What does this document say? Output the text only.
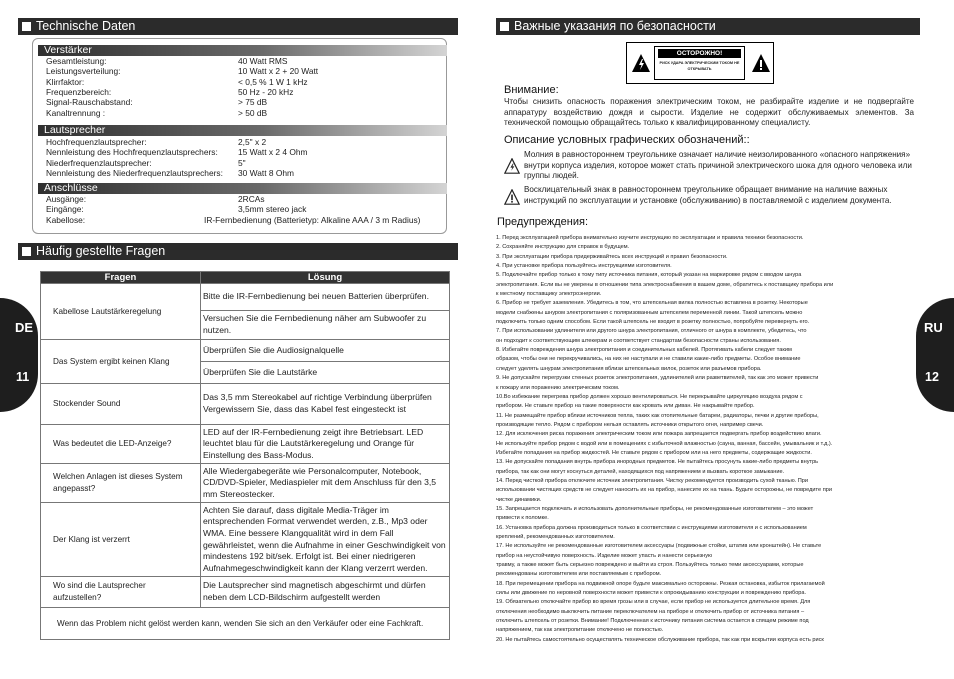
Technische Daten
Verstärker
Gesamtleistung:	40 Watt RMS
Leistungsverteilung:	10 Watt x 2 + 20 Watt
Klirrfaktor:	< 0,5 % 1 W 1 kHz
Frequenzbereich:	50 Hz - 20 kHz
Signal-Rauschabstand:	> 75 dB
Kanaltrennung :	> 50 dB
Lautsprecher
Hochfrequenzlautsprecher:	2,5" x 2
Nennleistung des Hochfrequenzlautsprechers: 15 Watt x 2 4 Ohm
Niederfrequenzlautsprecher:	5"
Nennleistung des Niederfrequenzlautsprechers: 30 Watt 8 Ohm
Anschlüsse
Ausgänge:	2RCAs
Eingänge:	3,5mm stereo jack
Kabellose:	IR-Fernbedienung (Batterietyp: Alkaline AAA / 3 m Radius)
Häufig gestellte Fragen
Fragen	Lösung
Kabellose Lautstärkeregelung	Bitte die IR-Fernbedienung bei neuen Batterien überprüfen.
	Versuchen Sie die Fernbedienung näher am Subwoofer zu nutzen.
Das System ergibt keinen Klang	Überprüfen Sie die Audiosignalquelle
	Überprüfen Sie die Lautstärke
Stockender Sound	Das 3,5 mm Stereokabel auf richtige Verbindung überprüfen Vergewissern Sie, dass das Kabel fest eingesteckt ist
Was bedeutet die LED-Anzeige?	LED auf der IR-Fernbedienung zeigt ihre Betriebsart. LED leuchtet blau für die Lautstärkeregelung und Orange für Einstellung des Bass-Modus.
Welchen Anlagen ist dieses System angepasst?	Alle Wiedergabegeräte wie Personalcomputer, Notebook, CD/DVD-Spieler, Mediaspieler mit dem Anschluss für den 3,5 mm Stereostecker.
Der Klang ist verzerrt	Achten Sie darauf, dass digitale Media-Träger im entsprechenden Format verwendet werden, z.B., Mp3 oder WMA. Eine bessere Klangqualität wird in dem Fall gewährleistet, wenn die Aufnahme in einer Geschwindigkeit von mindestens 192 bit/sek. Erfolgt ist. Bei einer niedrigeren Aufnahmegeschwindigkeit kann der Klang verzerrt werden.
Wo sind die Lautsprecher aufzustellen?	Die Lautsprecher sind magnetisch abgeschirmt und dürfen neben dem LCD-Bildschirm aufgestellt werden
Wenn das Problem nicht gelöst werden kann, wenden Sie sich an den Verkäufer oder eine Fachkraft.	
DE
11
Важные указания по безопасности
ОСТОРОЖНО!
РИСК УДАРА ЭЛЕКТРИЧЕСКИМ ТОКОМ НЕ ОТКРЫВАТЬ
Внимание:
Чтобы снизить опасность поражения электрическим током, не разбирайте изделие и не подвергайте аппаратуру воздействию дождя и сырости. Изделие не содержит обслуживаемых элементов. За технической помощью обращайтесь только к квалифицированному специалисту.
Описание условных графических обозначений::
Молния в равностороннем треугольнике означает наличие неизолированного «опасного напряжения» внутри корпуса изделия, которое может стать причиной электрического шока для одного человека или группы людей.
Восклицательный знак в равностороннем треугольнике обращает внимание на наличие важных инструкций по эксплуатации и установке (обслуживанию) в поставляемой с изделием документа.
Предупреждения:
1. Перед эксплуатацией прибора внимательно изучите инструкцию по эксплуатации и правила техники безопасности.
2. Сохраняйте инструкцию для справок в будущем.
3. При эксплуатации прибора придерживайтесь всех инструкций и правил безопасности.
4. При установке прибора пользуйтесь инструкциями изготовителя.
5. Подключайте прибор только к тому типу источника питания, который указан на маркировке рядом с вводом шнура
электропитания. Если вы не уверены в отношении типа электроснабжения в вашем доме, обратитесь к поставщику прибора или
к местному поставщику электроэнергии.
6. Прибор не требует заземления. Убедитесь в том, что штепсельная вилка полностью вставлена в розетку. Некоторые
модели снабжены шнуром электропитания с поляризованным штепселем переменной линии. Такой штепсель можно
подключить только одним способом. Если такой штепсель не входит в розетку полностью, попробуйте перевернуть его.
7. При использовании удлинителя или другого шнура электропитания, отличного от шнура в комплекте, убедитесь, что
он подходит к соответствующим штекерам и соответствует стандартам безопасности страны использования.
8. Избегайте повреждения шнура электропитания и соединительных кабелей. Протягивать кабели следует таким
образом, чтобы они не перекручивались, на них не наступали и не ставили какие-либо предметы. Особое внимание
следует уделять шнурам электропитания вблизи штепсельных вилок, розеток или разъемов прибора.
9. Не допускайте перегрузки стенных розеток электропитания, удлинителей или разветвителей, так как это может привести
к пожару или поражению электрическим током.
10.Во избежание перегрева прибор должен хорошо вентилироваться. Не перекрывайте циркуляцию воздуха рядом с
прибором. Не ставьте прибор на такие поверхности как кровать или диван. Не накрывайте прибор.
11. Не размещайте прибор вблизи источников тепла, таких как отопительные батареи, радиаторы, печки и другие приборы,
производящие тепло. Рядом с прибором нельзя оставлять источники открытого огня, например свечи.
12. Для исключения риска поражения электрическим током или пожара запрещается подвергать прибор воздействию влаги.
Не используйте прибор рядом с водой или в помещениях с избыточной влажностью (сауна, ванная, бассейн, умывальник и т.д.).
Избегайте попадания на прибор жидкостей. Не ставьте рядом с прибором или на него предметы, содержащие жидкости.
13. Не допускайте попадания внутрь прибора инородных предметов. Не пытайтесь просунуть какие-либо предметы внутрь
прибора, так как они могут коснуться деталей, находящихся под напряжением и вызвать короткое замыкание.
14. Перед чисткой прибора отключите источник электропитания. Чистку рекомендуется производить сухой тканью. При
использовании чистящих средств не следует наносить их на прибор, нанесите их на ткань. Будьте осторожны, не повредите при
чистке динамики.
15. Запрещается подключать и использовать дополнительные приборы, не рекомендованные изготовителем – это может
привести к поломке.
16. Установка прибора должна производиться только в соответствии с инструкциями изготовителя и с использованием
креплений, рекомендованных изготовителем.
17. Не используйте не рекомендованные изготовителем аксессуары (подвижные стойки, штатив или кронштейн). Не ставьте
прибор на неустойчивую поверхность. Изделие может упасть и нанести серьезную
травму, а также может быть серьезно повреждено и выйти из строя. Пользуйтесь только теми аксессуарами, которые
рекомендованы изготовителем или поставляемым с прибором.
18. При перемещении прибора на подвижной опоре будьте максимально осторожны. Резкая остановка, избыток прилагаемой
силы или движение по неровной поверхности может привести к опрокидыванию конструкции и повреждению прибора.
19. Обязательно отключайте прибор во время грозы или в случае, если прибор не используется длительное время. Для
отключения необходимо выключить питание переключателем на приборе и отключить прибор от источника питания –
отключить штепсель от розетки. Внимание! Подключенная к источнику питания система остается в спящем режиме под
напряжением, так как электропитание отключено не полностью.
20. Не пытайтесь самостоятельно осуществлять техническое обслуживание прибора, так как при вскрытии корпуса есть риск
RU
12
